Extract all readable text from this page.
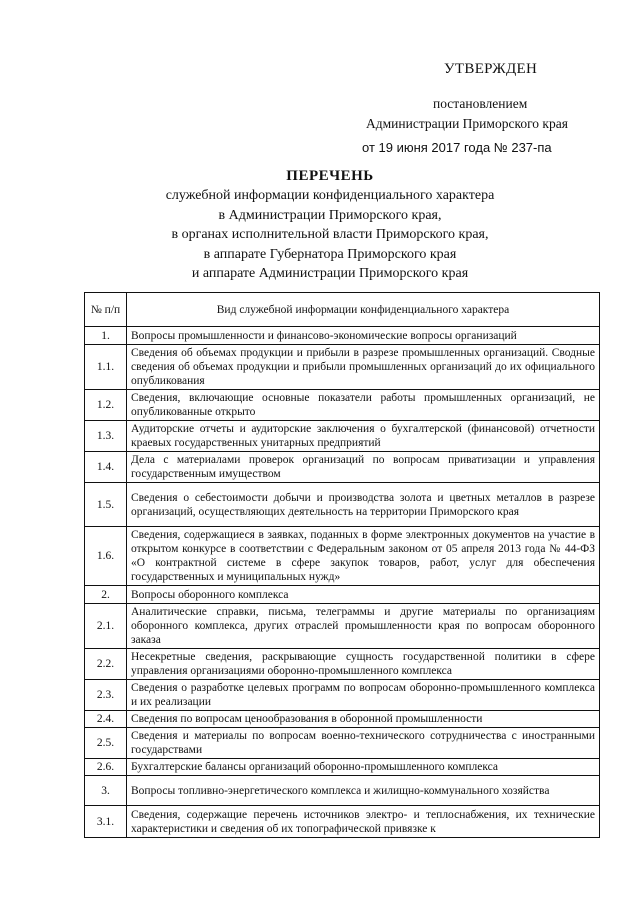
УТВЕРЖДЕН
постановлением
Администрации Приморского края
от 19 июня 2017 года № 237-па
ПЕРЕЧЕНЬ
служебной информации конфиденциального характера
в Администрации Приморского края,
в органах исполнительной власти Приморского края,
в аппарате Губернатора Приморского края
и аппарате Администрации Приморского края
№ п/п	Вид служебной информации конфиденциального характера
1.	Вопросы промышленности и финансово-экономические вопросы организаций
1.1.	Сведения об объемах продукции и прибыли в разрезе промышленных организаций. Сводные сведения об объемах продукции и прибыли промышленных организаций до их официального опубликования
1.2.	Сведения, включающие основные показатели работы промышленных организаций, не опубликованные открыто
1.3.	Аудиторские отчеты и аудиторские заключения о бухгалтерской (финансовой) отчетности краевых государственных унитарных предприятий
1.4.	Дела с материалами проверок организаций по вопросам приватизации и управления государственным имуществом
1.5.	Сведения о себестоимости добычи и производства золота и цветных металлов в разрезе организаций, осуществляющих деятельность на территории Приморского края
1.6.	Сведения, содержащиеся в заявках, поданных в форме электронных документов на участие в открытом конкурсе в соответствии с Федеральным законом от 05 апреля 2013 года № 44-ФЗ «О контрактной системе в сфере закупок товаров, работ, услуг для обеспечения государственных и муниципальных нужд»
2.	Вопросы оборонного комплекса
2.1.	Аналитические справки, письма, телеграммы и другие материалы по организациям оборонного комплекса, других отраслей промышленности края по вопросам оборонного заказа
2.2.	Несекретные сведения, раскрывающие сущность государственной политики в сфере управления организациями оборонно-промышленного комплекса
2.3.	Сведения о разработке целевых программ по вопросам оборонно-промышленного комплекса и их реализации
2.4.	Сведения по вопросам ценообразования в оборонной промышленности
2.5.	Сведения и материалы по вопросам военно-технического сотрудничества с иностранными государствами
2.6.	Бухгалтерские балансы организаций оборонно-промышленного комплекса
3.	Вопросы топливно-энергетического комплекса и жилищно-коммунального хозяйства
3.1.	Сведения, содержащие перечень источников электро- и теплоснабжения, их технические характеристики и сведения об их топографической привязке к
